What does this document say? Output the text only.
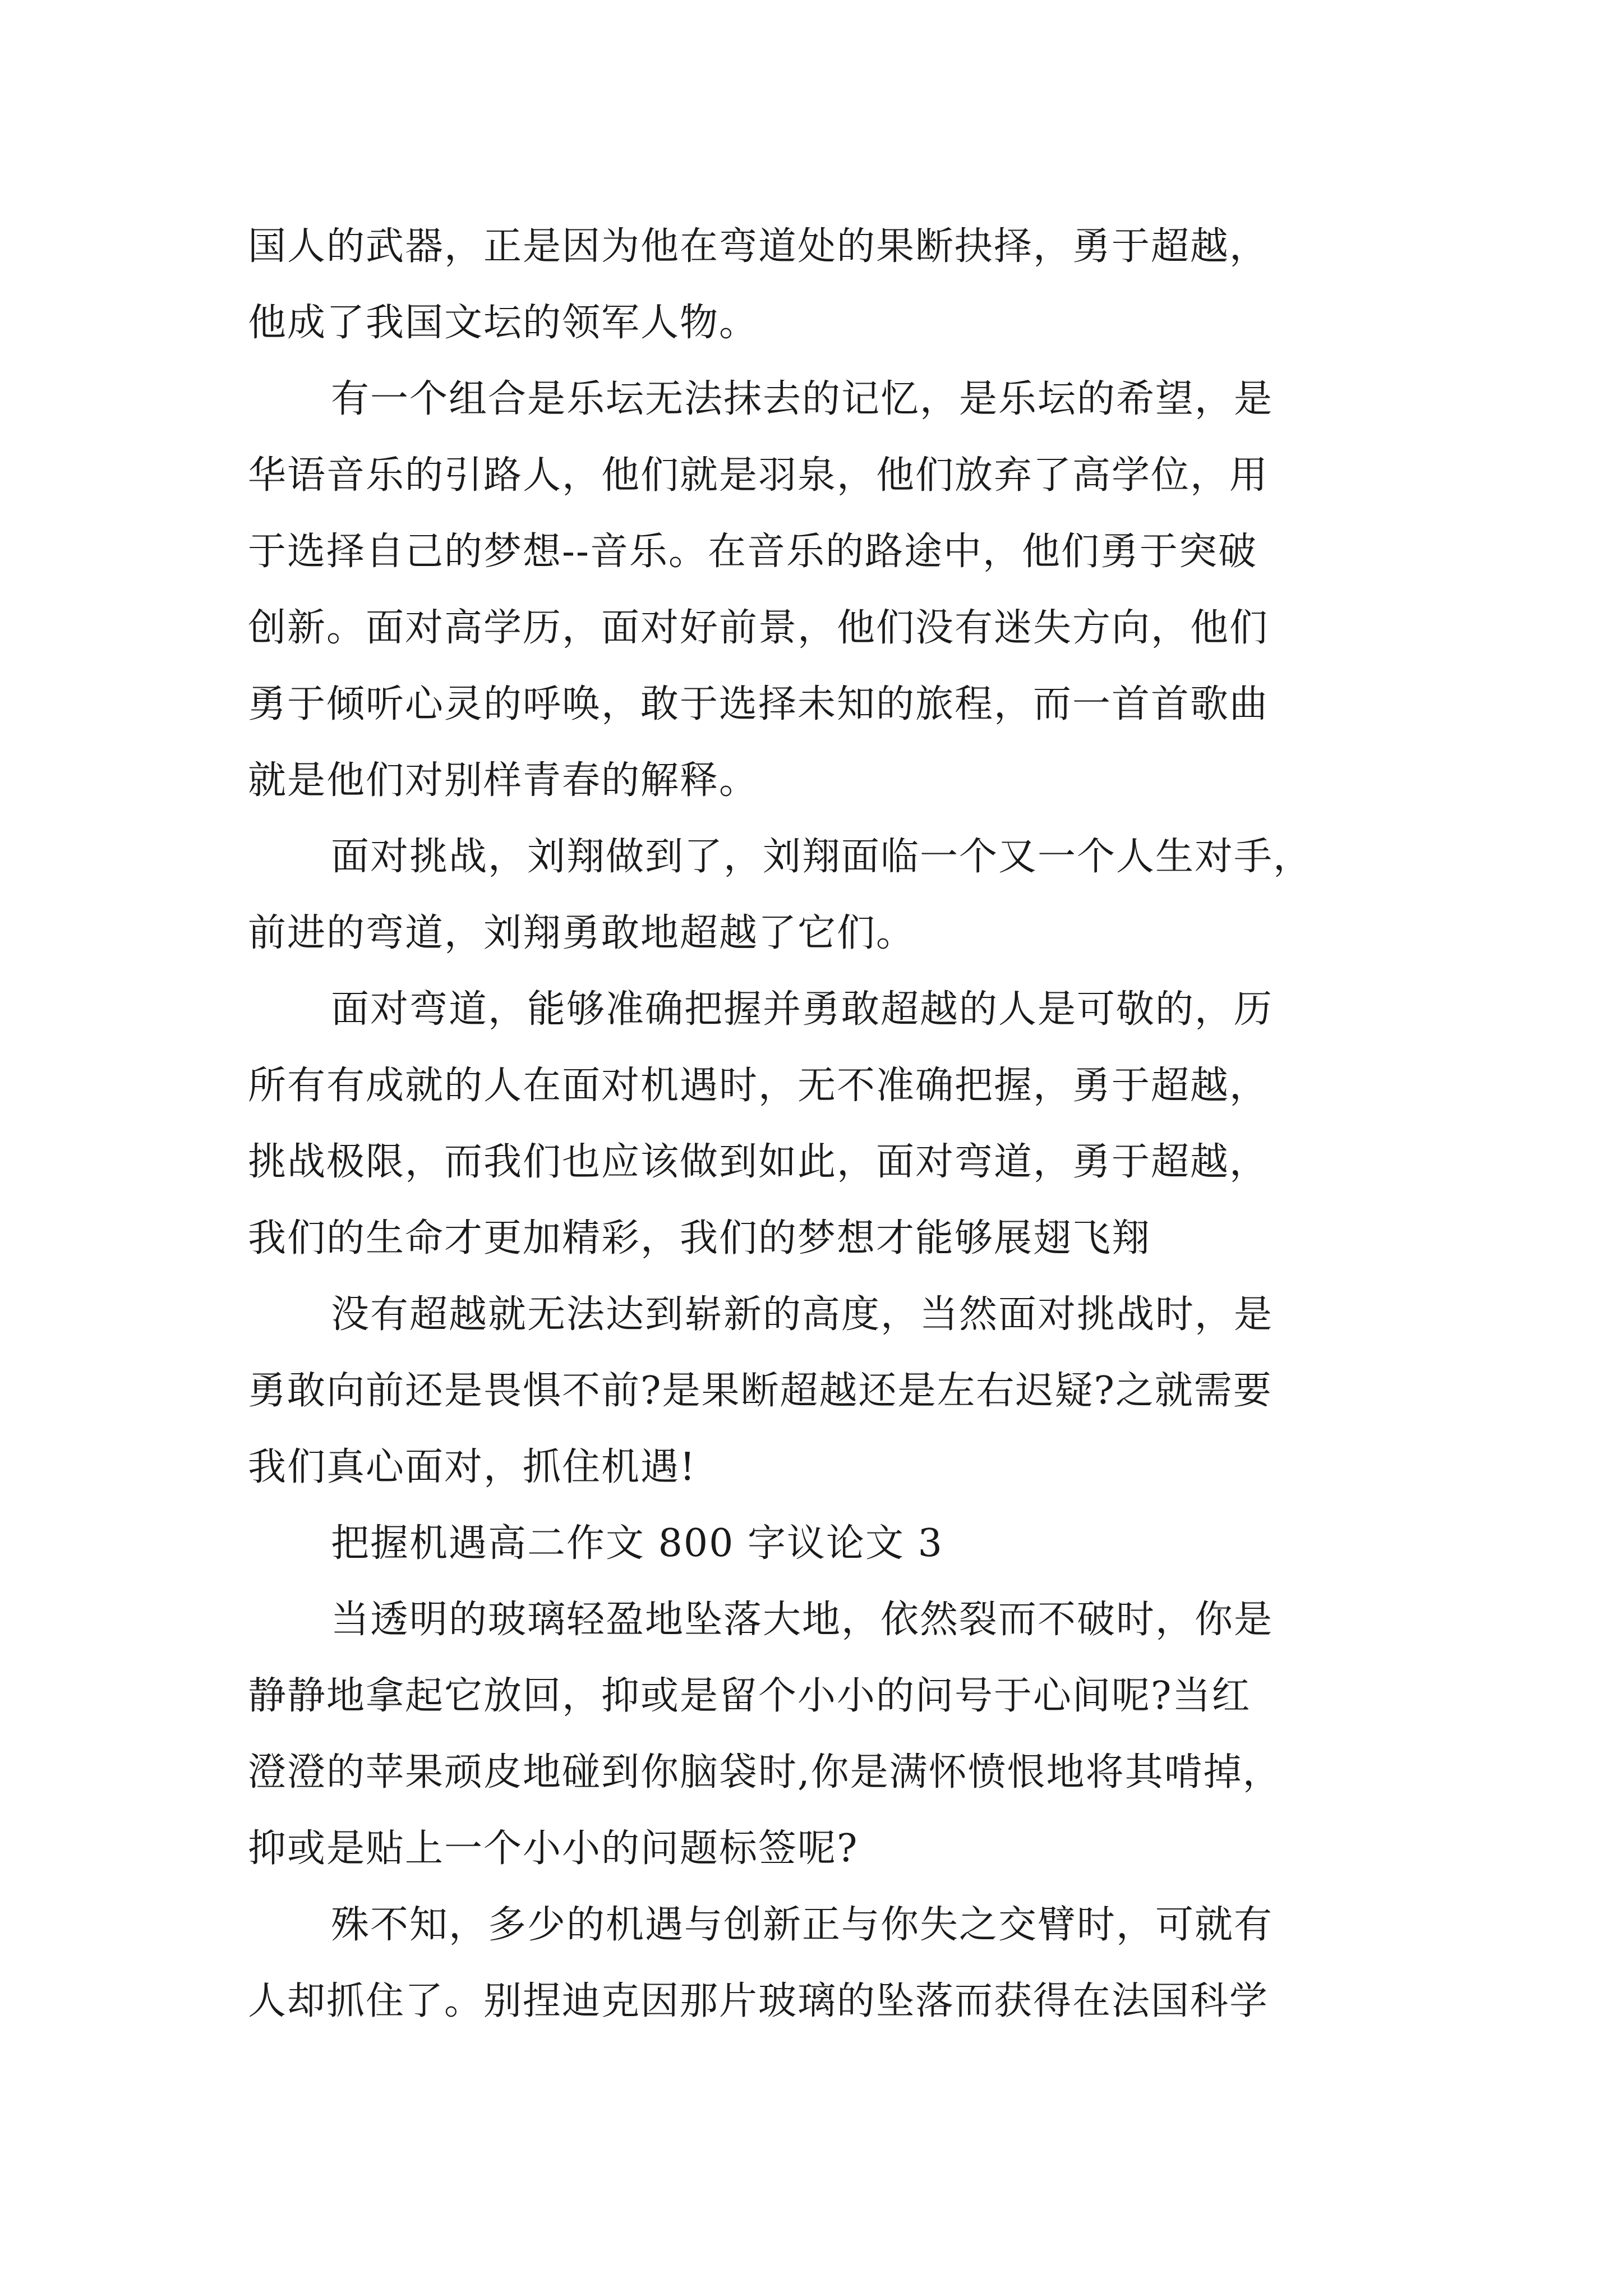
国人的武器，正是因为他在弯道处的果断抉择，勇于超越，
他成了我国文坛的领军人物。
有一个组合是乐坛无法抹去的记忆，是乐坛的希望，是
华语音乐的引路人，他们就是羽泉，他们放弃了高学位，用
于选择自己的梦想--音乐。在音乐的路途中，他们勇于突破
创新。面对高学历，面对好前景，他们没有迷失方向，他们
勇于倾听心灵的呼唤，敢于选择未知的旅程，而一首首歌曲
就是他们对别样青春的解释。
面对挑战，刘翔做到了，刘翔面临一个又一个人生对手，
前进的弯道，刘翔勇敢地超越了它们。
面对弯道，能够准确把握并勇敢超越的人是可敬的，历
所有有成就的人在面对机遇时，无不准确把握，勇于超越，
挑战极限，而我们也应该做到如此，面对弯道，勇于超越，
我们的生命才更加精彩，我们的梦想才能够展翅飞翔
没有超越就无法达到崭新的高度，当然面对挑战时，是
勇敢向前还是畏惧不前?是果断超越还是左右迟疑?之就需要
我们真心面对，抓住机遇!
把握机遇高二作文 800 字议论文 3
当透明的玻璃轻盈地坠落大地，依然裂而不破时，你是
静静地拿起它放回，抑或是留个小小的问号于心间呢?当红
澄澄的苹果顽皮地碰到你脑袋时,你是满怀愤恨地将其啃掉，
抑或是贴上一个小小的问题标签呢?
殊不知，多少的机遇与创新正与你失之交臂时，可就有
人却抓住了。别捏迪克因那片玻璃的坠落而获得在法国科学
